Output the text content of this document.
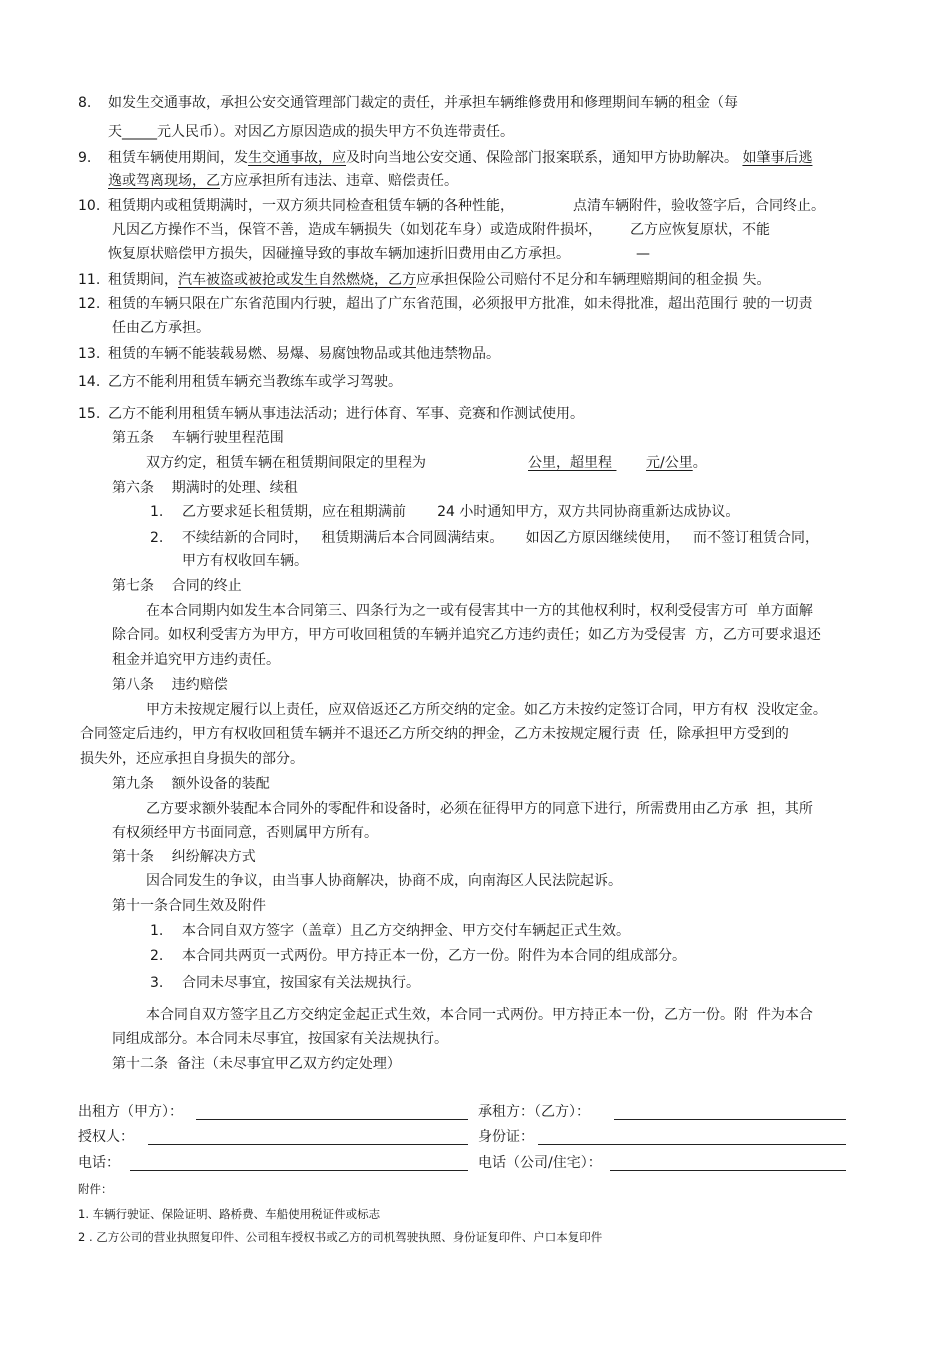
8. 如发生交通事故，承担公安交通管理部门裁定的责任，并承担车辆维修费用和修理期间车辆的租金（每
天_____元人民币）。对因乙方原因造成的损失甲方不负连带责任。
9. 租赁车辆使用期间，发生交通事故，应及时向当地公安交通、保险部门报案联系，通知甲方协助解决。 如肇事后逃
逸或驾离现场，乙方应承担所有违法、违章、赔偿责任。
10. 租赁期内或租赁期满时，一双方须共同检查租赁车辆的各种性能，	点清车辆附件，验收签字后，合同终止。
凡因乙方操作不当，保管不善，造成车辆损失（如划花车身）或造成附件损坏， 乙方应恢复原状，不能
恢复原状赔偿甲方损失，因碰撞导致的事故车辆加速折旧费用由乙方承担。	—
11. 租赁期间，汽车被盗或被抢或发生自然燃烧，乙方应承担保险公司赔付不足分和车辆理赔期间的租金损 失。
12. 租赁的车辆只限在广东省范围内行驶，超出了广东省范围，必须报甲方批准，如未得批准，超出范围行 驶的一切责
任由乙方承担。
13. 租赁的车辆不能装载易燃、易爆、易腐蚀物品或其他违禁物品。
14. 乙方不能利用租赁车辆充当教练车或学习驾驶。
15. 乙方不能利用租赁车辆从事违法活动；进行体育、军事、竞赛和作测试使用。
第五条    车辆行驶里程范围
双方约定，租赁车辆在租赁期间限定的里程为	公里，超里程 元/公里。
第六条    期满时的处理、续租
1. 乙方要求延长租赁期，应在租期满前       24 小时通知甲方，双方共同协商重新达成协议。
2. 不续结新的合同时，   租赁期满后本合同圆满结束。     如因乙方原因继续使用，   而不签订租赁合同，
甲方有权收回车辆。
第七条    合同的终止
在本合同期内如发生本合同第三、四条行为之一或有侵害其中一方的其他权利时，权利受侵害方可  单方面解
除合同。如权利受害方为甲方，甲方可收回租赁的车辆并追究乙方违约责任；如乙方为受侵害  方，乙方可要求退还
租金并追究甲方违约责任。
第八条    违约赔偿
甲方未按规定履行以上责任，应双倍返还乙方所交纳的定金。如乙方未按约定签订合同，甲方有权  没收定金。
合同签定后违约，甲方有权收回租赁车辆并不退还乙方所交纳的押金，乙方未按规定履行责  任，除承担甲方受到的
损失外，还应承担自身损失的部分。
第九条    额外设备的装配
乙方要求额外装配本合同外的零配件和设备时，必须在征得甲方的同意下进行，所需费用由乙方承  担，其所
有权须经甲方书面同意，否则属甲方所有。
第十条    纠纷解决方式
因合同发生的争议，由当事人协商解决，协商不成，向南海区人民法院起诉。
第十一条合同生效及附件
1. 本合同自双方签字（盖章）且乙方交纳押金、甲方交付车辆起正式生效。
2. 本合同共两页一式两份。甲方持正本一份，乙方一份。附件为本合同的组成部分。
3. 合同未尽事宜，按国家有关法规执行。
本合同自双方签字且乙方交纳定金起正式生效，本合同一式两份。甲方持正本一份，乙方一份。附  件为本合
同组成部分。本合同未尽事宜，按国家有关法规执行。
第十二条  备注（未尽事宜甲乙双方约定处理）
出租方（甲方）：	承租方：（乙方）：
授权人：	身份证：
电话：	电话（公司/住宅）：
附件：
1. 车辆行驶证、保险证明、路桥费、车船使用税证件或标志
2 . 乙方公司的营业执照复印件、公司租车授权书或乙方的司机驾驶执照、身份证复印件、户口本复印件
